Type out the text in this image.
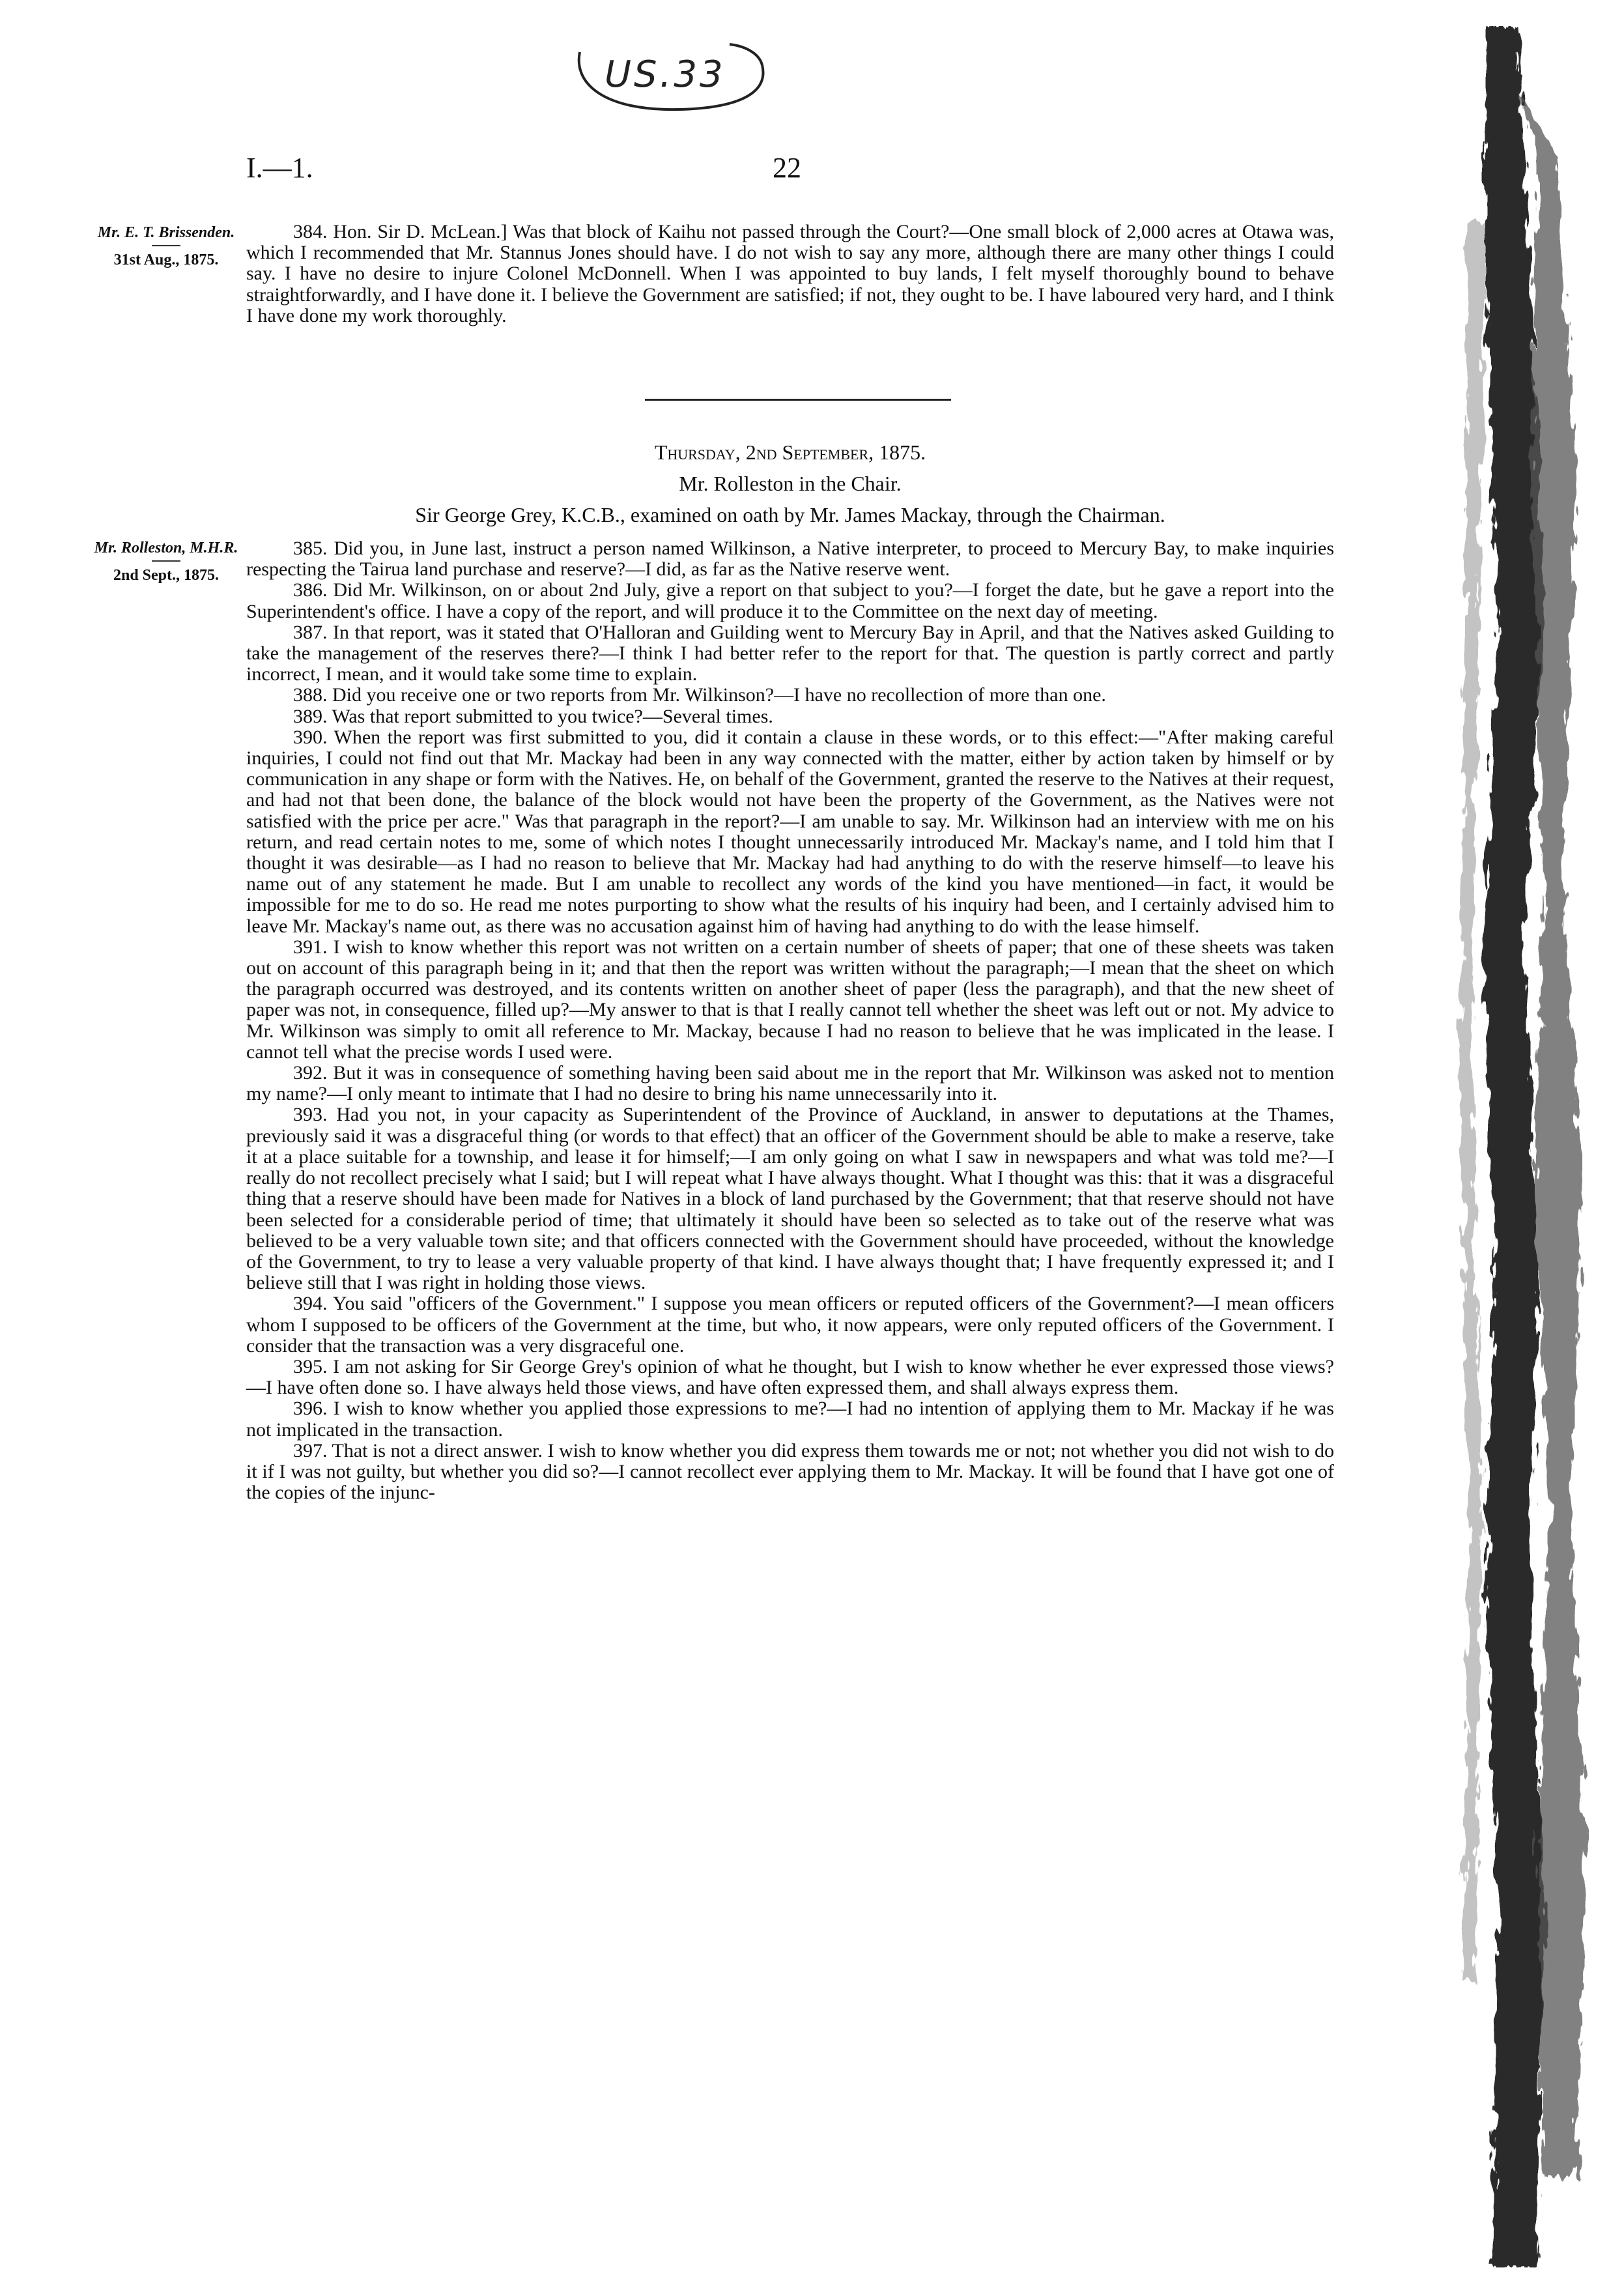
US.33
I.—1.	22
Mr. E. T. Brissenden.
31st Aug., 1875.

384. Hon. Sir D. McLean.] Was that block of Kaihu not passed through the Court?—One small block of 2,000 acres at Otawa was, which I recommended that Mr. Stannus Jones should have. I do not wish to say any more, although there are many other things I could say. I have no desire to injure Colonel McDonnell. When I was appointed to buy lands, I felt myself thoroughly bound to behave straightforwardly, and I have done it. I believe the Government are satisfied; if not, they ought to be. I have laboured very hard, and I think I have done my work thoroughly.

Thursday, 2nd September, 1875.
Mr. Rolleston in the Chair.
Sir George Grey, K.C.B., examined on oath by Mr. James Mackay, through the Chairman.
Mr. Rolleston, M.H.R.
2nd Sept., 1875.

385. Did you, in June last, instruct a person named Wilkinson, a Native interpreter, to proceed to Mercury Bay, to make inquiries respecting the Tairua land purchase and reserve?—I did, as far as the Native reserve went.

386. Did Mr. Wilkinson, on or about 2nd July, give a report on that subject to you?—I forget the date, but he gave a report into the Superintendent's office. I have a copy of the report, and will produce it to the Committee on the next day of meeting.

387. In that report, was it stated that O'Halloran and Guilding went to Mercury Bay in April, and that the Natives asked Guilding to take the management of the reserves there?—I think I had better refer to the report for that. The question is partly correct and partly incorrect, I mean, and it would take some time to explain.

388. Did you receive one or two reports from Mr. Wilkinson?—I have no recollection of more than one.

389. Was that report submitted to you twice?—Several times.

390. When the report was first submitted to you, did it contain a clause in these words, or to this effect:—"After making careful inquiries, I could not find out that Mr. Mackay had been in any way connected with the matter, either by action taken by himself or by communication in any shape or form with the Natives. He, on behalf of the Government, granted the reserve to the Natives at their request, and had not that been done, the balance of the block would not have been the property of the Government, as the Natives were not satisfied with the price per acre." Was that paragraph in the report?—I am unable to say. Mr. Wilkinson had an interview with me on his return, and read certain notes to me, some of which notes I thought unnecessarily introduced Mr. Mackay's name, and I told him that I thought it was desirable—as I had no reason to believe that Mr. Mackay had had anything to do with the reserve himself—to leave his name out of any statement he made. But I am unable to recollect any words of the kind you have mentioned—in fact, it would be impossible for me to do so. He read me notes purporting to show what the results of his inquiry had been, and I certainly advised him to leave Mr. Mackay's name out, as there was no accusation against him of having had anything to do with the lease himself.

391. I wish to know whether this report was not written on a certain number of sheets of paper; that one of these sheets was taken out on account of this paragraph being in it; and that then the report was written without the paragraph;—I mean that the sheet on which the paragraph occurred was destroyed, and its contents written on another sheet of paper (less the paragraph), and that the new sheet of paper was not, in consequence, filled up?—My answer to that is that I really cannot tell whether the sheet was left out or not. My advice to Mr. Wilkinson was simply to omit all reference to Mr. Mackay, because I had no reason to believe that he was implicated in the lease. I cannot tell what the precise words I used were.

392. But it was in consequence of something having been said about me in the report that Mr. Wilkinson was asked not to mention my name?—I only meant to intimate that I had no desire to bring his name unnecessarily into it.

393. Had you not, in your capacity as Superintendent of the Province of Auckland, in answer to deputations at the Thames, previously said it was a disgraceful thing (or words to that effect) that an officer of the Government should be able to make a reserve, take it at a place suitable for a township, and lease it for himself;—I am only going on what I saw in newspapers and what was told me?—I really do not recollect precisely what I said; but I will repeat what I have always thought. What I thought was this: that it was a disgraceful thing that a reserve should have been made for Natives in a block of land purchased by the Government; that that reserve should not have been selected for a considerable period of time; that ultimately it should have been so selected as to take out of the reserve what was believed to be a very valuable town site; and that officers connected with the Government should have proceeded, without the knowledge of the Government, to try to lease a very valuable property of that kind. I have always thought that; I have frequently expressed it; and I believe still that I was right in holding those views.

394. You said "officers of the Government." I suppose you mean officers or reputed officers of the Government?—I mean officers whom I supposed to be officers of the Government at the time, but who, it now appears, were only reputed officers of the Government. I consider that the transaction was a very disgraceful one.

395. I am not asking for Sir George Grey's opinion of what he thought, but I wish to know whether he ever expressed those views?—I have often done so. I have always held those views, and have often expressed them, and shall always express them.

396. I wish to know whether you applied those expressions to me?—I had no intention of applying them to Mr. Mackay if he was not implicated in the transaction.

397. That is not a direct answer. I wish to know whether you did express them towards me or not; not whether you did not wish to do it if I was not guilty, but whether you did so?—I cannot recollect ever applying them to Mr. Mackay. It will be found that I have got one of the copies of the injunc-
